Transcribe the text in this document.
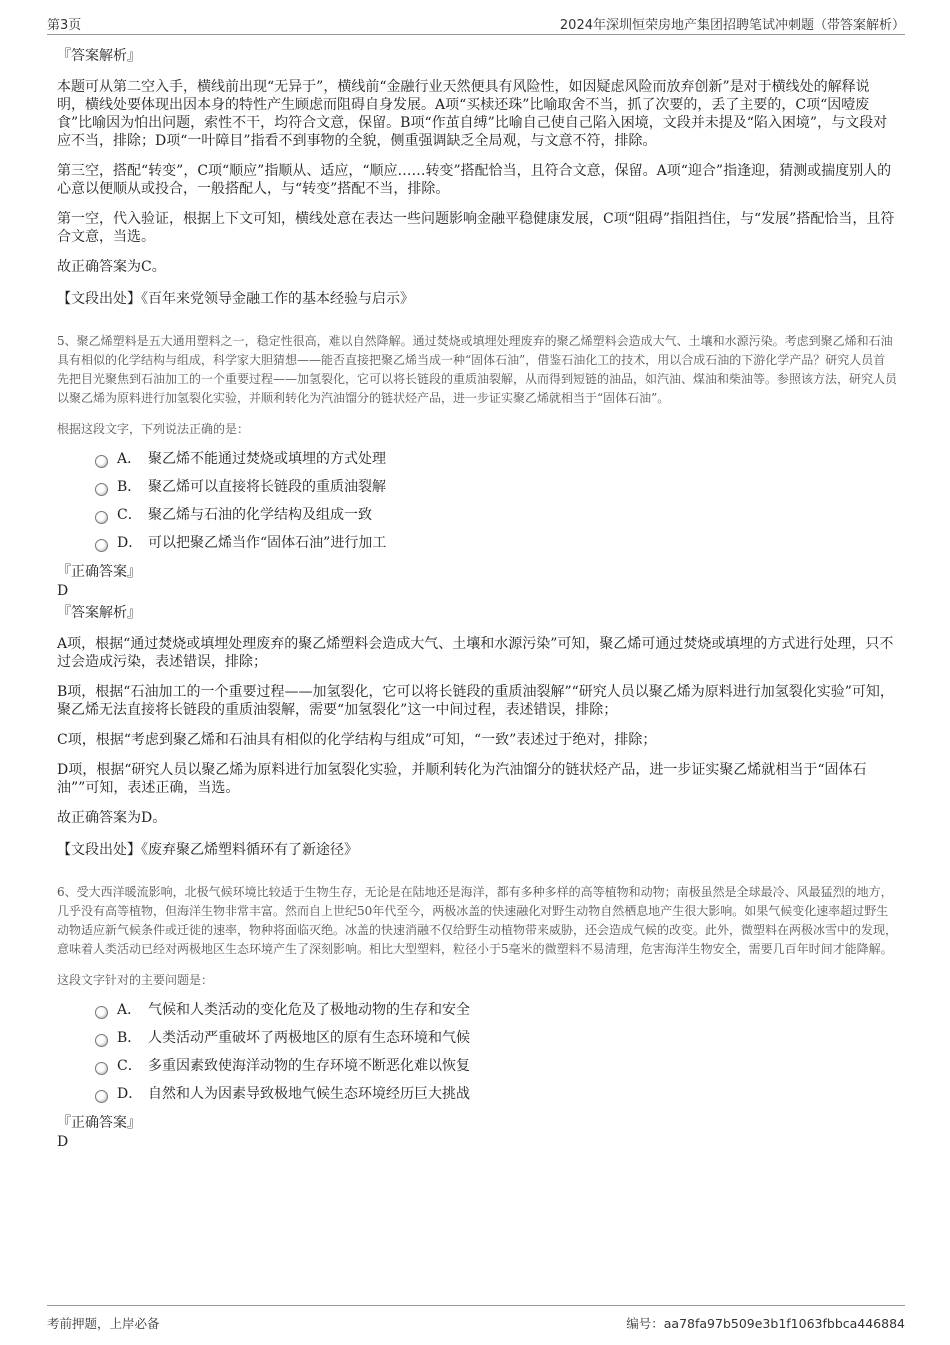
第3页	2024年深圳恒荣房地产集团招聘笔试冲刺题（带答案解析）
『答案解析』

本题可从第二空入手，横线前出现“无异于”，横线前“金融行业天然便具有风险性，如因疑虑风险而放弃创新”是对于横线处的解释说明，横线处要体现出因本身的特性产生顾虑而阻碍自身发展。A项“买椟还珠”比喻取舍不当，抓了次要的，丢了主要的，C项“因噎废食”比喻因为怕出问题，索性不干，均符合文意，保留。B项“作茧自缚”比喻自己使自己陷入困境，文段并未提及“陷入困境”，与文段对应不当，排除；D项“一叶障目”指看不到事物的全貌，侧重强调缺乏全局观，与文意不符，排除。

第三空，搭配“转变”，C项“顺应”指顺从、适应，“顺应……转变”搭配恰当，且符合文意，保留。A项“迎合”指逢迎，猜测或揣度别人的心意以便顺从或投合，一般搭配人，与“转变”搭配不当，排除。

第一空，代入验证，根据上下文可知，横线处意在表达一些问题影响金融平稳健康发展，C项“阻碍”指阻挡住，与“发展”搭配恰当，且符合文意，当选。

故正确答案为C。

【文段出处】《百年来党领导金融工作的基本经验与启示》
5、聚乙烯塑料是五大通用塑料之一，稳定性很高，难以自然降解。通过焚烧或填埋处理废弃的聚乙烯塑料会造成大气、土壤和水源污染。考虑到聚乙烯和石油具有相似的化学结构与组成，科学家大胆猜想——能否直接把聚乙烯当成一种“固体石油”，借鉴石油化工的技术，用以合成石油的下游化学产品？研究人员首先把目光聚焦到石油加工的一个重要过程——加氢裂化，它可以将长链段的重质油裂解，从而得到短链的油品，如汽油、煤油和柴油等。参照该方法，研究人员以聚乙烯为原料进行加氢裂化实验，并顺利转化为汽油馏分的链状烃产品，进一步证实聚乙烯就相当于“固体石油”。
根据这段文字，下列说法正确的是：
A． 聚乙烯不能通过焚烧或填埋的方式处理
B． 聚乙烯可以直接将长链段的重质油裂解
C． 聚乙烯与石油的化学结构及组成一致
D． 可以把聚乙烯当作“固体石油”进行加工
『正确答案』
D
『答案解析』

A项，根据“通过焚烧或填埋处理废弃的聚乙烯塑料会造成大气、土壤和水源污染”可知，聚乙烯可通过焚烧或填埋的方式进行处理，只不过会造成污染，表述错误，排除；

B项，根据“石油加工的一个重要过程——加氢裂化，它可以将长链段的重质油裂解”“研究人员以聚乙烯为原料进行加氢裂化实验”可知，聚乙烯无法直接将长链段的重质油裂解，需要“加氢裂化”这一中间过程，表述错误，排除；

C项，根据“考虑到聚乙烯和石油具有相似的化学结构与组成”可知，“一致”表述过于绝对，排除；

D项，根据“研究人员以聚乙烯为原料进行加氢裂化实验，并顺利转化为汽油馏分的链状烃产品，进一步证实聚乙烯就相当于“固体石油””可知，表述正确，当选。

故正确答案为D。

【文段出处】《废弃聚乙烯塑料循环有了新途径》
6、受大西洋暖流影响，北极气候环境比较适于生物生存，无论是在陆地还是海洋，都有多种多样的高等植物和动物；南极虽然是全球最冷、风最猛烈的地方，几乎没有高等植物，但海洋生物非常丰富。然而自上世纪50年代至今，两极冰盖的快速融化对野生动物自然栖息地产生很大影响。如果气候变化速率超过野生动物适应新气候条件或迁徙的速率，物种将面临灭绝。冰盖的快速消融不仅给野生动植物带来威胁，还会造成气候的改变。此外，微塑料在两极冰雪中的发现，意味着人类活动已经对两极地区生态环境产生了深刻影响。相比大型塑料，粒径小于5毫米的微塑料不易清理，危害海洋生物安全，需要几百年时间才能降解。
这段文字针对的主要问题是：
A． 气候和人类活动的变化危及了极地动物的生存和安全
B． 人类活动严重破坏了两极地区的原有生态环境和气候
C． 多重因素致使海洋动物的生存环境不断恶化难以恢复
D． 自然和人为因素导致极地气候生态环境经历巨大挑战
『正确答案』
D
考前押题，上岸必备	编号：aa78fa97b509e3b1f1063fbbca446884
